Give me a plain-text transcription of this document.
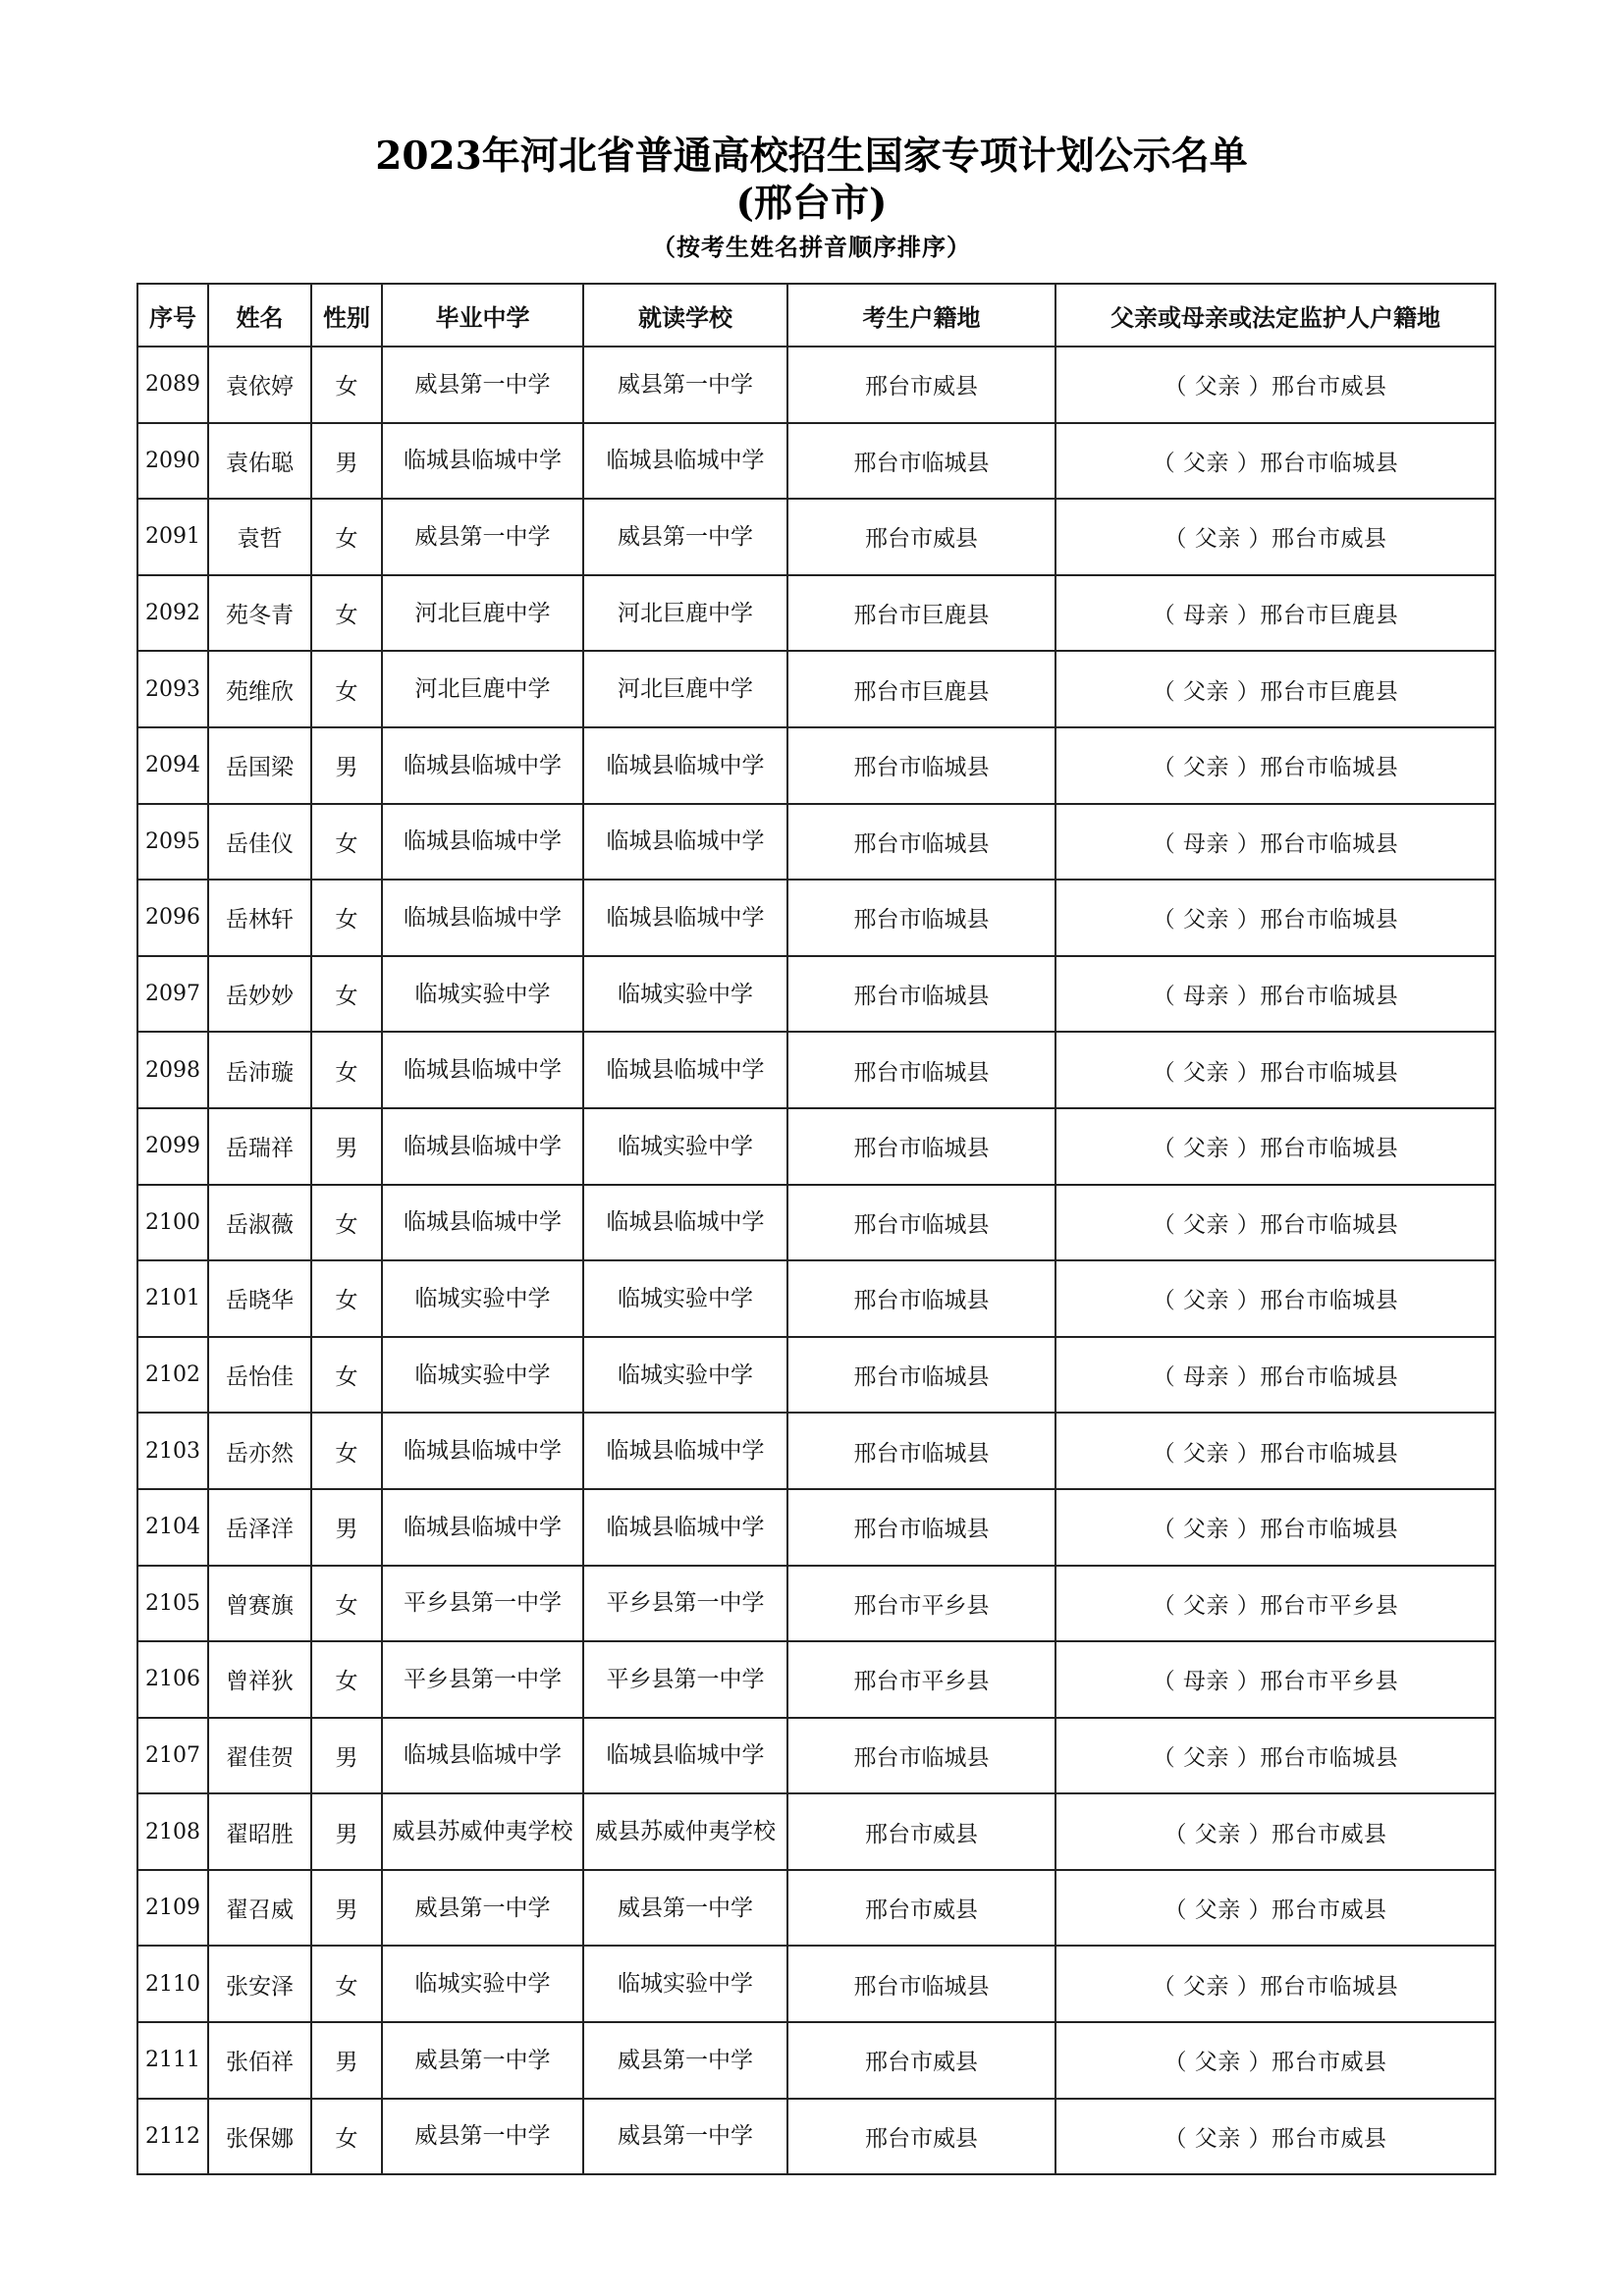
2023年河北省普通高校招生国家专项计划公示名单
(邢台市)
（按考生姓名拼音顺序排序）
序号	姓名	性别	毕业中学	就读学校	考生户籍地	父亲或母亲或法定监护人户籍地
2089	袁依婷	女	威县第一中学	威县第一中学	邢台市威县	（ 父亲 ）邢台市威县
2090	袁佑聪	男	临城县临城中学	临城县临城中学	邢台市临城县	（ 父亲 ）邢台市临城县
2091	袁哲	女	威县第一中学	威县第一中学	邢台市威县	（ 父亲 ）邢台市威县
2092	苑冬青	女	河北巨鹿中学	河北巨鹿中学	邢台市巨鹿县	（ 母亲 ）邢台市巨鹿县
2093	苑维欣	女	河北巨鹿中学	河北巨鹿中学	邢台市巨鹿县	（ 父亲 ）邢台市巨鹿县
2094	岳国梁	男	临城县临城中学	临城县临城中学	邢台市临城县	（ 父亲 ）邢台市临城县
2095	岳佳仪	女	临城县临城中学	临城县临城中学	邢台市临城县	（ 母亲 ）邢台市临城县
2096	岳林轩	女	临城县临城中学	临城县临城中学	邢台市临城县	（ 父亲 ）邢台市临城县
2097	岳妙妙	女	临城实验中学	临城实验中学	邢台市临城县	（ 母亲 ）邢台市临城县
2098	岳沛璇	女	临城县临城中学	临城县临城中学	邢台市临城县	（ 父亲 ）邢台市临城县
2099	岳瑞祥	男	临城县临城中学	临城实验中学	邢台市临城县	（ 父亲 ）邢台市临城县
2100	岳淑薇	女	临城县临城中学	临城县临城中学	邢台市临城县	（ 父亲 ）邢台市临城县
2101	岳晓华	女	临城实验中学	临城实验中学	邢台市临城县	（ 父亲 ）邢台市临城县
2102	岳怡佳	女	临城实验中学	临城实验中学	邢台市临城县	（ 母亲 ）邢台市临城县
2103	岳亦然	女	临城县临城中学	临城县临城中学	邢台市临城县	（ 父亲 ）邢台市临城县
2104	岳泽洋	男	临城县临城中学	临城县临城中学	邢台市临城县	（ 父亲 ）邢台市临城县
2105	曾赛旗	女	平乡县第一中学	平乡县第一中学	邢台市平乡县	（ 父亲 ）邢台市平乡县
2106	曾祥狄	女	平乡县第一中学	平乡县第一中学	邢台市平乡县	（ 母亲 ）邢台市平乡县
2107	翟佳贺	男	临城县临城中学	临城县临城中学	邢台市临城县	（ 父亲 ）邢台市临城县
2108	翟昭胜	男	威县苏威仲夷学校	威县苏威仲夷学校	邢台市威县	（ 父亲 ）邢台市威县
2109	翟召威	男	威县第一中学	威县第一中学	邢台市威县	（ 父亲 ）邢台市威县
2110	张安泽	女	临城实验中学	临城实验中学	邢台市临城县	（ 父亲 ）邢台市临城县
2111	张佰祥	男	威县第一中学	威县第一中学	邢台市威县	（ 父亲 ）邢台市威县
2112	张保娜	女	威县第一中学	威县第一中学	邢台市威县	（ 父亲 ）邢台市威县
